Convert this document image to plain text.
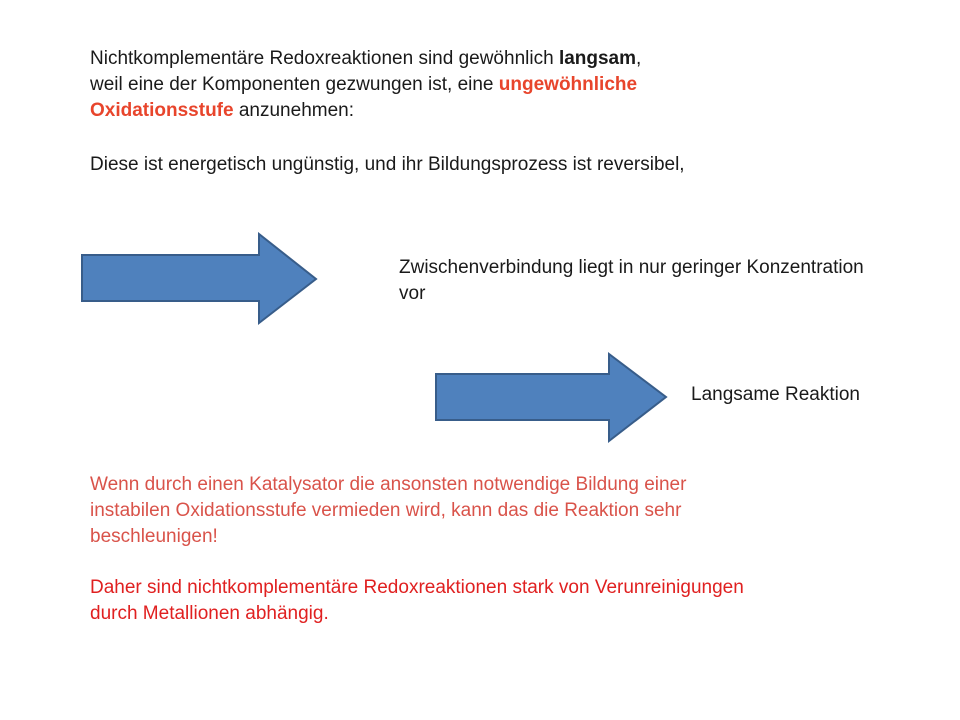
Nichtkomplementäre Redoxreaktionen sind gewöhnlich langsam,
weil eine der Komponenten gezwungen ist, eine ungewöhnliche Oxidationsstufe anzunehmen:

Diese ist energetisch ungünstig, und ihr Bildungsprozess ist reversibel,

Zwischenverbindung liegt in nur geringer Konzentration vor

Langsame Reaktion

Wenn durch einen Katalysator die ansonsten notwendige Bildung einer instabilen Oxidationsstufe vermieden wird, kann das die Reaktion sehr beschleunigen!

Daher sind nichtkomplementäre Redoxreaktionen stark von Verunreinigungen durch Metallionen abhängig.
